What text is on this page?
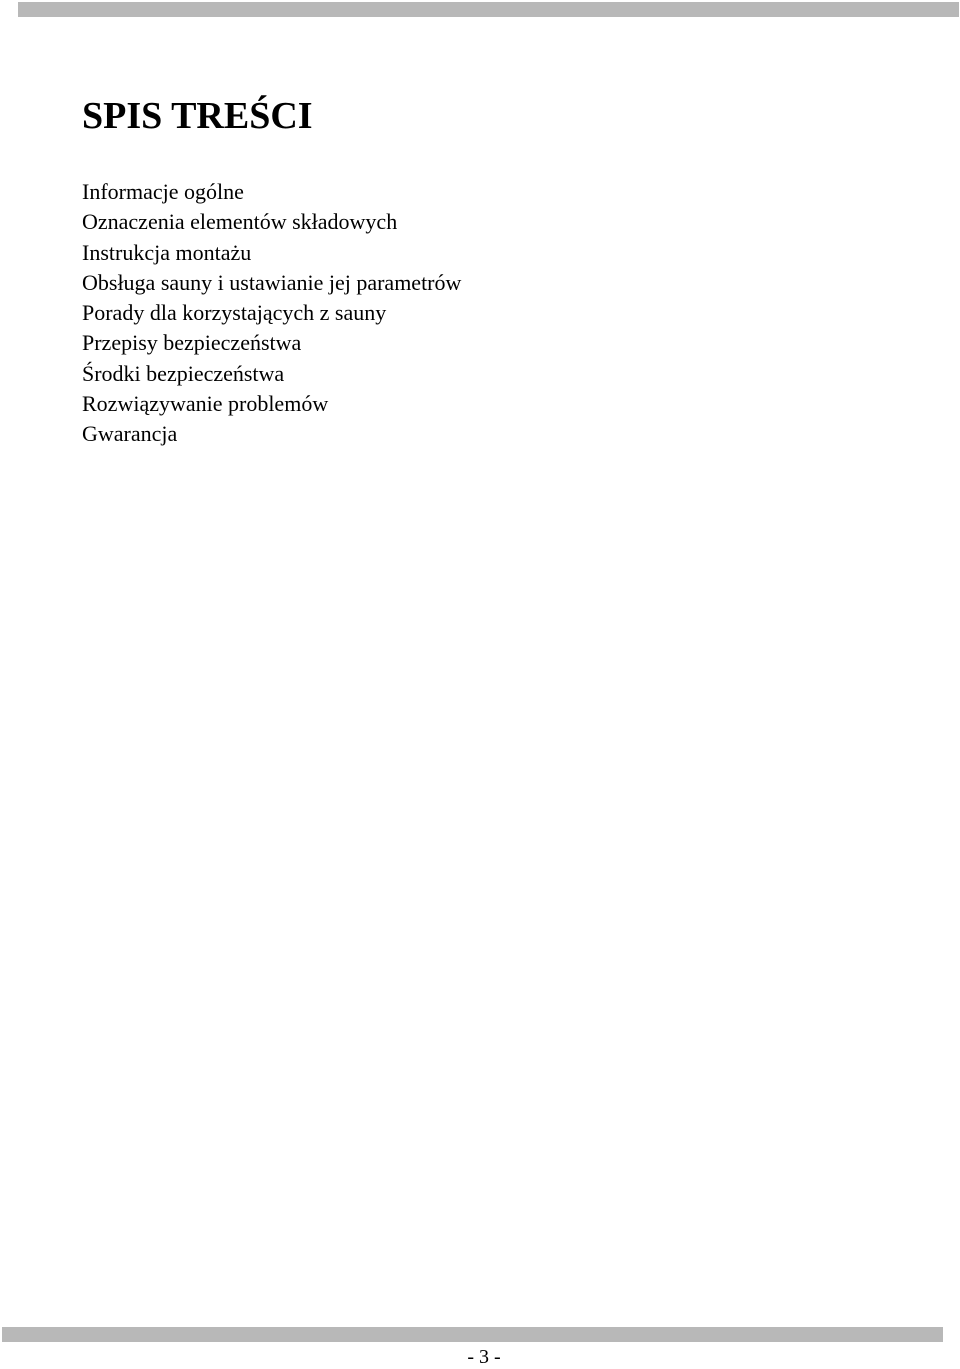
SPIS TREŚCI
Informacje ogólne
Oznaczenia elementów składowych
Instrukcja montażu
Obsługa sauny i ustawianie jej parametrów
Porady dla korzystających z sauny
Przepisy bezpieczeństwa
Środki bezpieczeństwa
Rozwiązywanie problemów
Gwarancja
- 3 -
